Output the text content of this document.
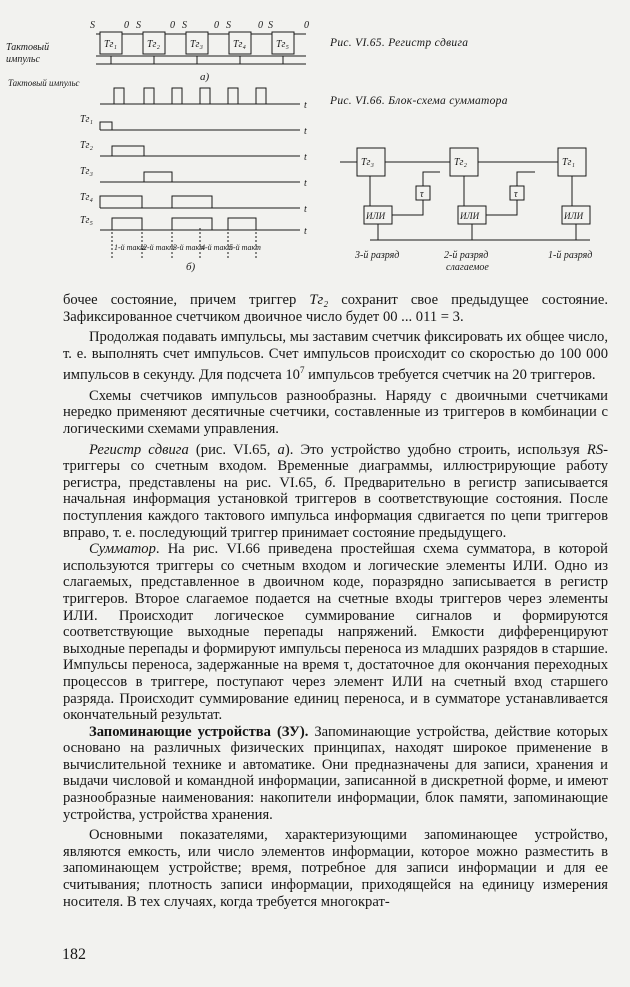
S	0 S	0 S	0 S	0 S	0
Тг₁	Тг₂	Тг₃	Тг₄	Тг₅
Тактовый
импульс
а)
Тактовый импульс
Тг₁
Тг₂
Тг₃
Тг₄
Тг₅
t
t
t
t
t
t
1-й такт
2-й такт
3-й такт
4-й такт
5-й такт
б)
Тг₃	Тг₂	Тг₁
ИЛИ	ИЛИ	ИЛИ
τ	τ
3-й разряд	2-й разряд
слагаемое
1-й разряд
Рис. VI.65. Регистр сдвига
Рис. VI.66. Блок-схема сумматора

бочее состояние, причем триггер Тг₂ сохранит свое предыдущее состояние. Зафиксированное счетчиком двоичное число будет 00 ... 011 = 3.

Продолжая подавать импульсы, мы заставим счетчик фиксировать их общее число, т. е. выполнять счет импульсов. Счет импульсов происходит со скоростью до 100 000 импульсов в секунду. Для подсчета $10^7$ импульсов требуется счетчик на 20 триггеров.

Схемы счетчиков импульсов разнообразны. Наряду с двоичными счетчиками нередко применяют десятичные счетчики, составленные из триггеров в комбинации с логическими схемами управления.

Регистр сдвига (рис. VI.65, а). Это устройство удобно строить, используя RS-триггеры со счетным входом. Временные диаграммы, иллюстрирующие работу регистра, представлены на рис. VI.65, б. Предварительно в регистр записывается начальная информация установкой триггеров в соответствующие состояния. После поступления каждого тактового импульса информация сдвигается по цепи триггеров вправо, т. е. последующий триггер принимает состояние предыдущего.

Сумматор. На рис. VI.66 приведена простейшая схема сумматора, в которой используются триггеры со счетным входом и логические элементы ИЛИ. Одно из слагаемых, представленное в двоичном коде, поразрядно записывается в регистр триггеров. Второе слагаемое подается на счетные входы триггеров через элементы ИЛИ. Происходит логическое суммирование сигналов и формируются соответствующие выходные перепады напряжений. Емкости дифференцируют выходные перепады и формируют импульсы переноса из младших разрядов в старшие. Импульсы переноса, задержанные на время τ, достаточное для окончания переходных процессов в триггере, поступают через элемент ИЛИ на счетный вход старшего разряда. Происходит суммирование единиц переноса, и в сумматоре устанавливается окончательный результат.

Запоминающие устройства (ЗУ). Запоминающие устройства, действие которых основано на различных физических принципах, находят широкое применение в вычислительной технике и автоматике. Они предназначены для записи, хранения и выдачи числовой и командной информации, записанной в дискретной форме, и имеют разнообразные наименования: накопители информации, блок памяти, запоминающие устройства, устройства хранения.

Основными показателями, характеризующими запоминающее устройство, являются емкость, или число элементов информации, которое можно разместить в запоминающем устройстве; время, потребное для записи информации и для ее считывания; плотность записи информации, приходящейся на единицу измерения носителя. В тех случаях, когда требуется многократ-

182
